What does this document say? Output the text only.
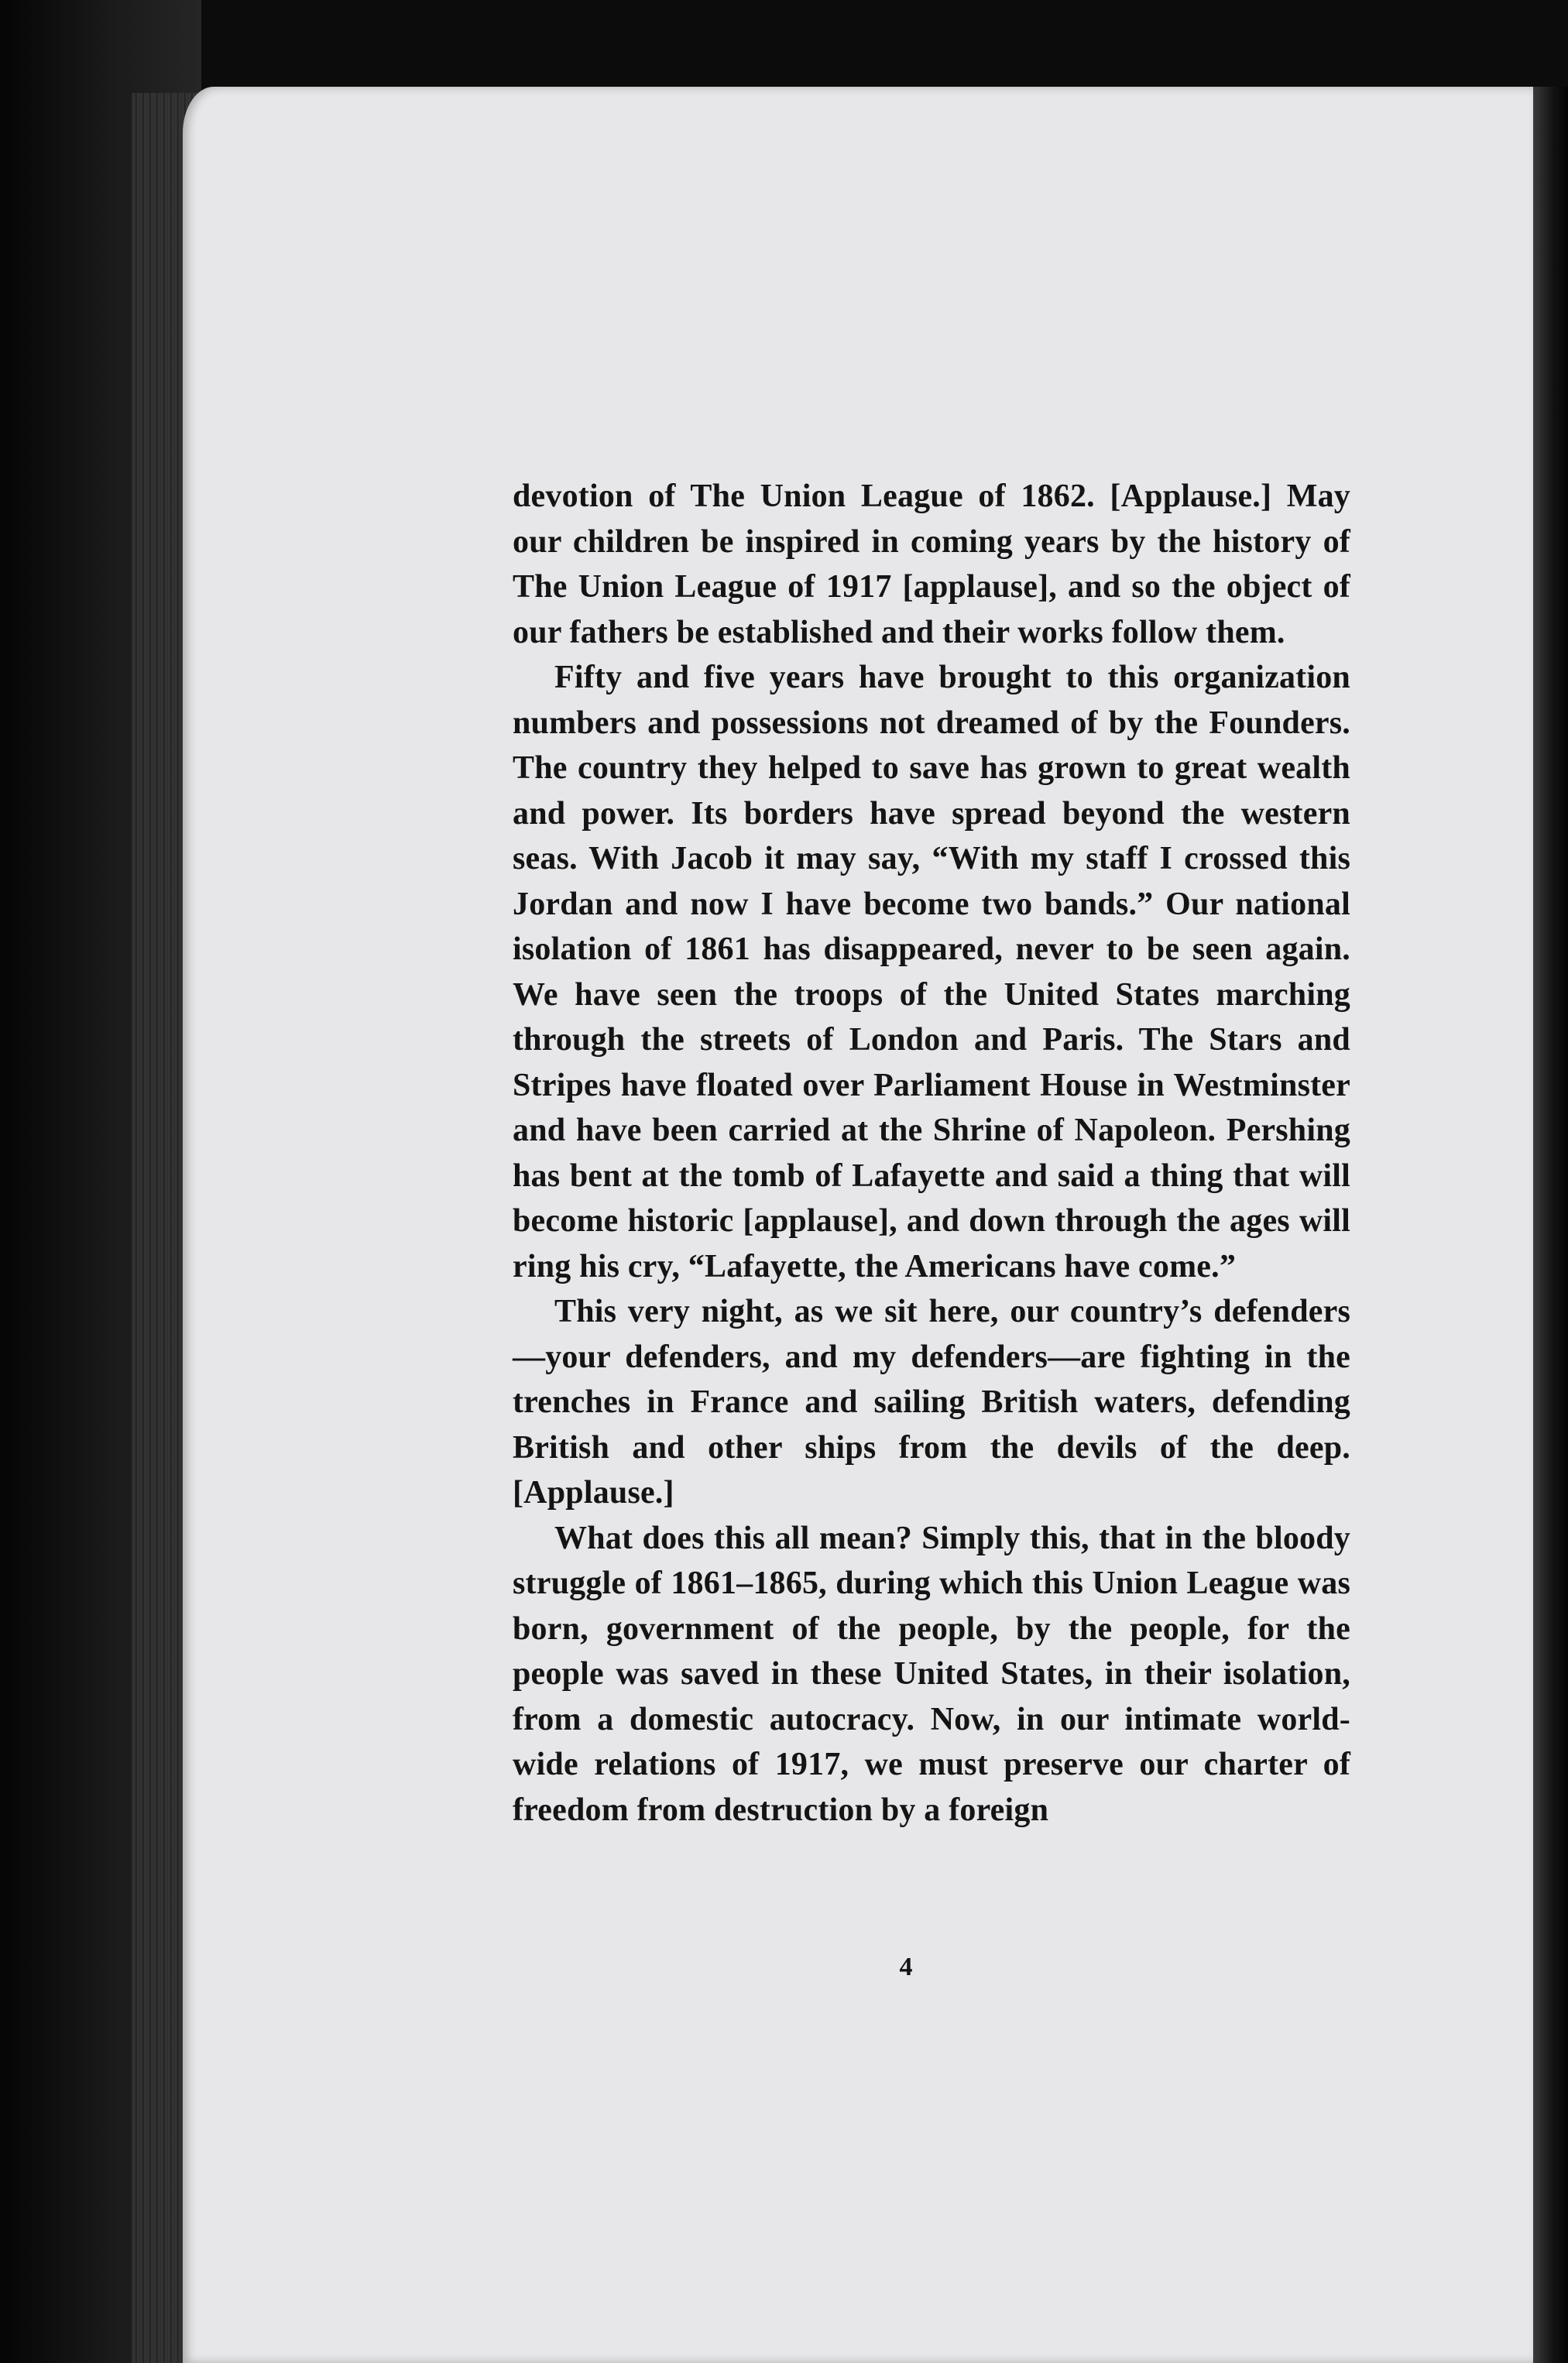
devotion of The Union League of 1862. [Applause.] May our children be inspired in coming years by the history of The Union League of 1917 [applause], and so the object of our fathers be established and their works follow them.

Fifty and five years have brought to this organization numbers and possessions not dreamed of by the Founders. The country they helped to save has grown to great wealth and power. Its borders have spread beyond the western seas. With Jacob it may say, “With my staff I crossed this Jordan and now I have become two bands.” Our national isolation of 1861 has disappeared, never to be seen again. We have seen the troops of the United States marching through the streets of London and Paris. The Stars and Stripes have floated over Parliament House in Westminster and have been carried at the Shrine of Napoleon. Pershing has bent at the tomb of Lafayette and said a thing that will become historic [applause], and down through the ages will ring his cry, “Lafayette, the Americans have come.”

This very night, as we sit here, our country’s defenders —your defenders, and my defenders—are fighting in the trenches in France and sailing British waters, defending British and other ships from the devils of the deep. [Applause.]

What does this all mean? Simply this, that in the bloody struggle of 1861–1865, during which this Union League was born, government of the people, by the people, for the people was saved in these United States, in their isolation, from a domestic autocracy. Now, in our intimate world-wide relations of 1917, we must preserve our charter of freedom from destruction by a foreign

4
